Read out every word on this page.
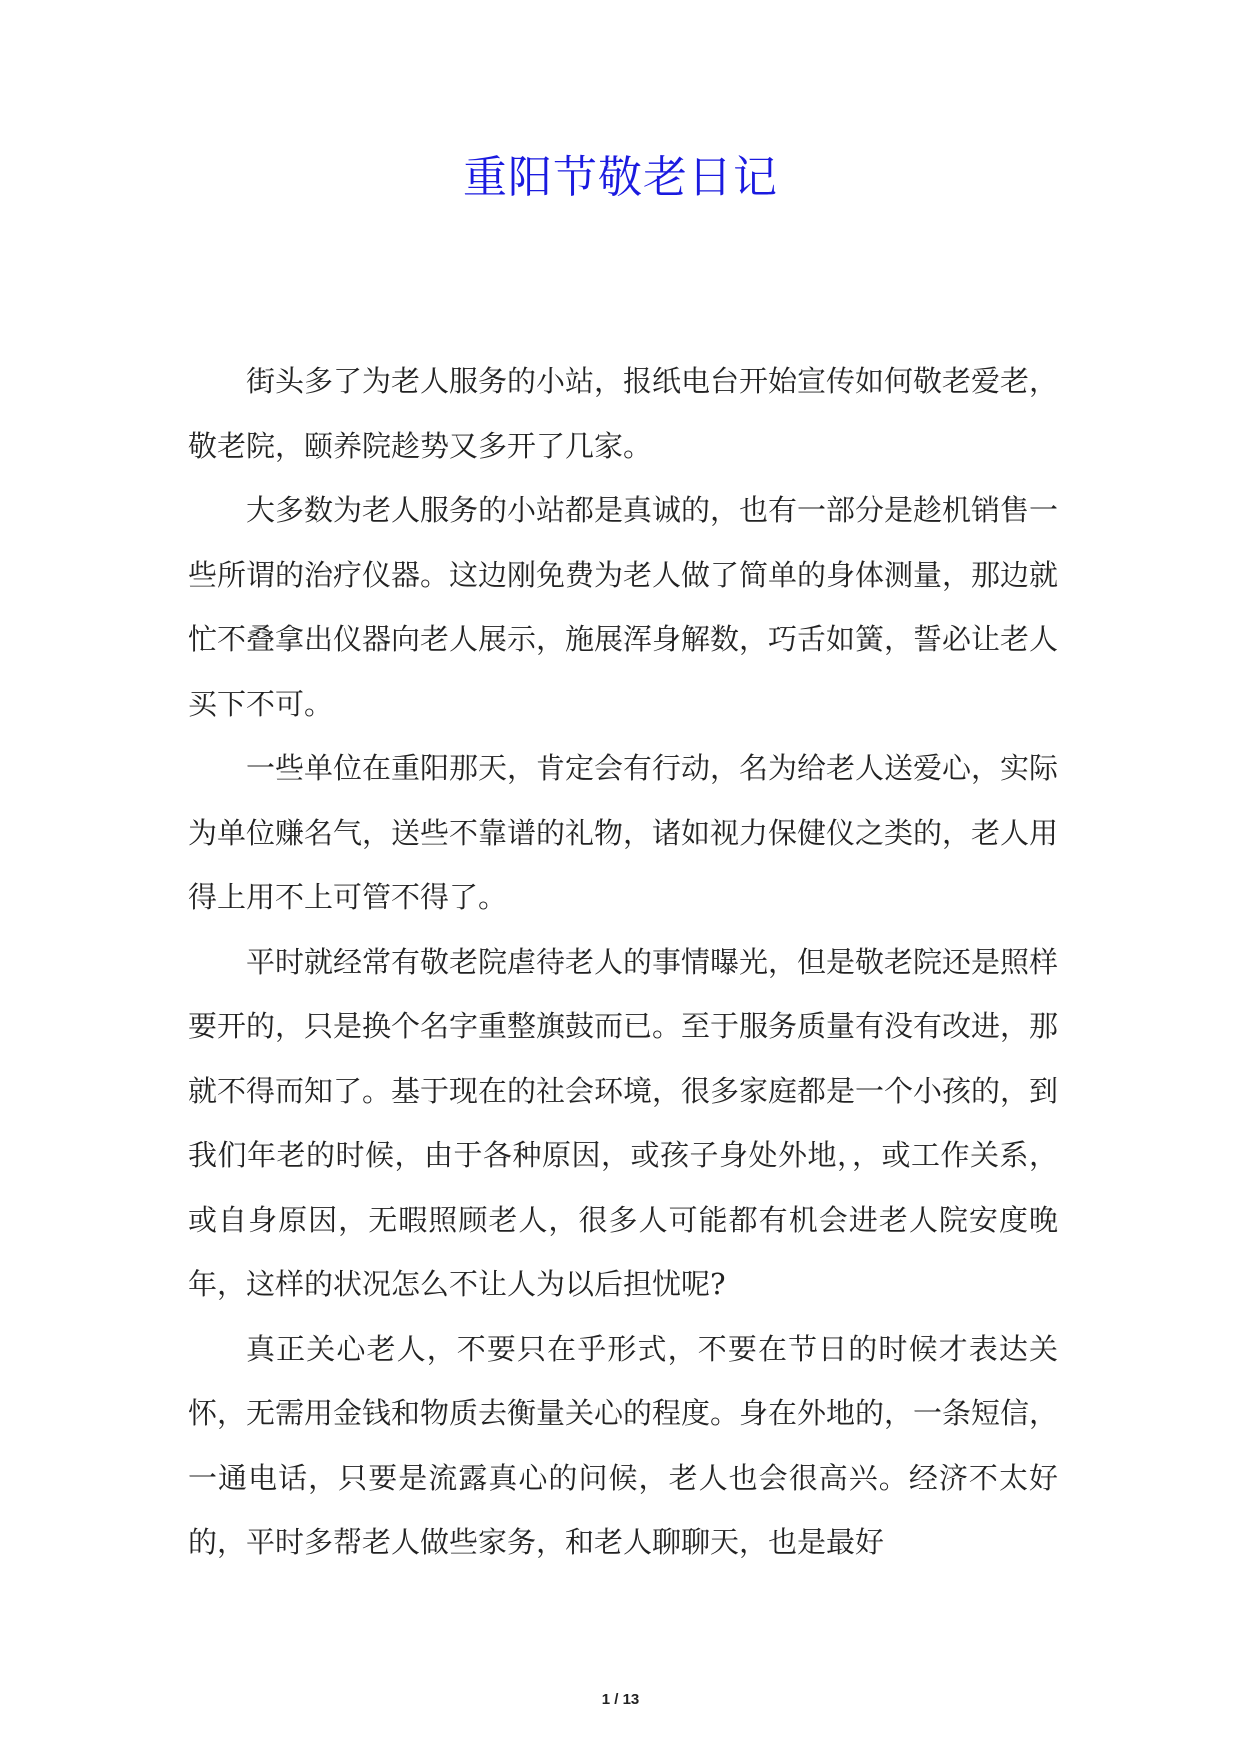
重阳节敬老日记

街头多了为老人服务的小站，报纸电台开始宣传如何敬老爱老，敬老院，颐养院趁势又多开了几家。

大多数为老人服务的小站都是真诚的，也有一部分是趁机销售一些所谓的治疗仪器。这边刚免费为老人做了简单的身体测量，那边就忙不叠拿出仪器向老人展示，施展浑身解数，巧舌如簧，誓必让老人买下不可。

一些单位在重阳那天，肯定会有行动，名为给老人送爱心，实际为单位赚名气，送些不靠谱的礼物，诸如视力保健仪之类的，老人用得上用不上可管不得了。

平时就经常有敬老院虐待老人的事情曝光，但是敬老院还是照样要开的，只是换个名字重整旗鼓而已。至于服务质量有没有改进，那就不得而知了。基于现在的社会环境，很多家庭都是一个小孩的，到我们年老的时候，由于各种原因，或孩子身处外地，，或工作关系，或自身原因，无暇照顾老人，很多人可能都有机会进老人院安度晚年，这样的状况怎么不让人为以后担忧呢?

真正关心老人，不要只在乎形式，不要在节日的时候才表达关怀，无需用金钱和物质去衡量关心的程度。身在外地的，一条短信，一通电话，只要是流露真心的问候，老人也会很高兴。经济不太好的，平时多帮老人做些家务，和老人聊聊天，也是最好

1 / 13
